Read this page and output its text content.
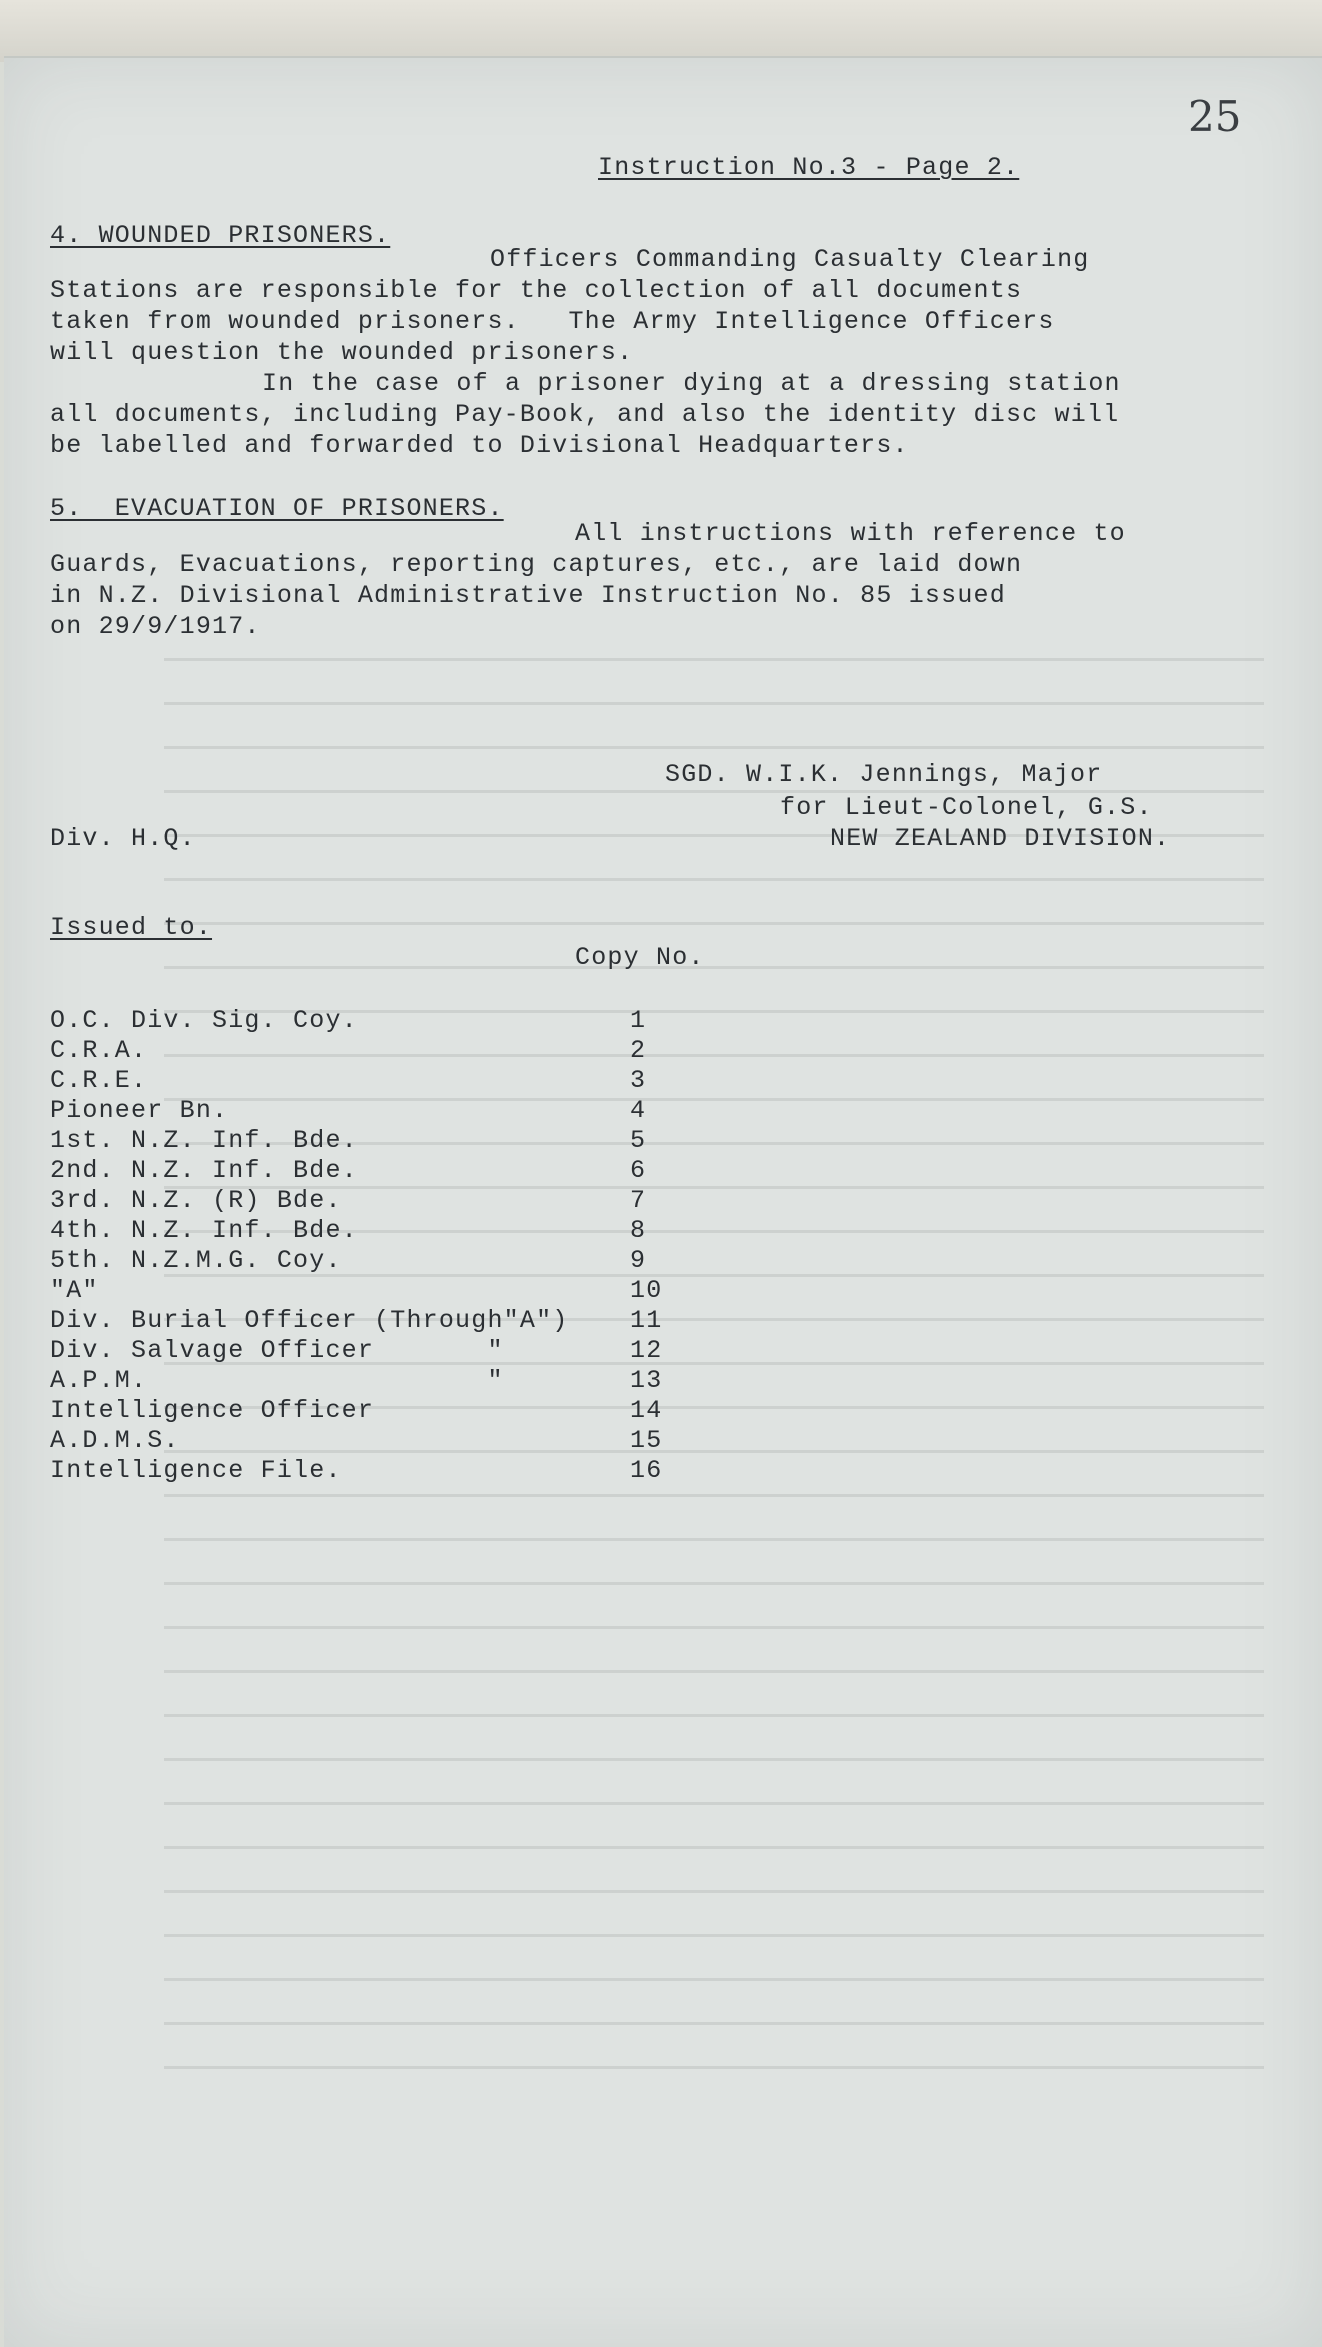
25
Instruction No.3 - Page 2.
4. WOUNDED PRISONERS.
Officers Commanding Casualty Clearing
Stations are responsible for the collection of all documents
taken from wounded prisoners.   The Army Intelligence Officers
will question the wounded prisoners.
In the case of a prisoner dying at a dressing station
all documents, including Pay-Book, and also the identity disc will
be labelled and forwarded to Divisional Headquarters.
5.  EVACUATION OF PRISONERS.
All instructions with reference to
Guards, Evacuations, reporting captures, etc., are laid down
in N.Z. Divisional Administrative Instruction No. 85 issued
on 29/9/1917.
SGD. W.I.K. Jennings, Major
for Lieut-Colonel, G.S.
NEW ZEALAND DIVISION.
Div. H.Q.
Issued to.
Copy No.
O.C. Div. Sig. Coy.	1
C.R.A.	2
C.R.E.	3
Pioneer Bn.	4
1st. N.Z. Inf. Bde.	5
2nd. N.Z. Inf. Bde.	6
3rd. N.Z. (R) Bde.	7
4th. N.Z. Inf. Bde.	8
5th. N.Z.M.G. Coy.	9
"A"	10
Div. Burial Officer (Through"A") 11
Div. Salvage Officer       "	12
A.P.M.                     "	13
Intelligence Officer	14
A.D.M.S.	15
Intelligence File.	16
